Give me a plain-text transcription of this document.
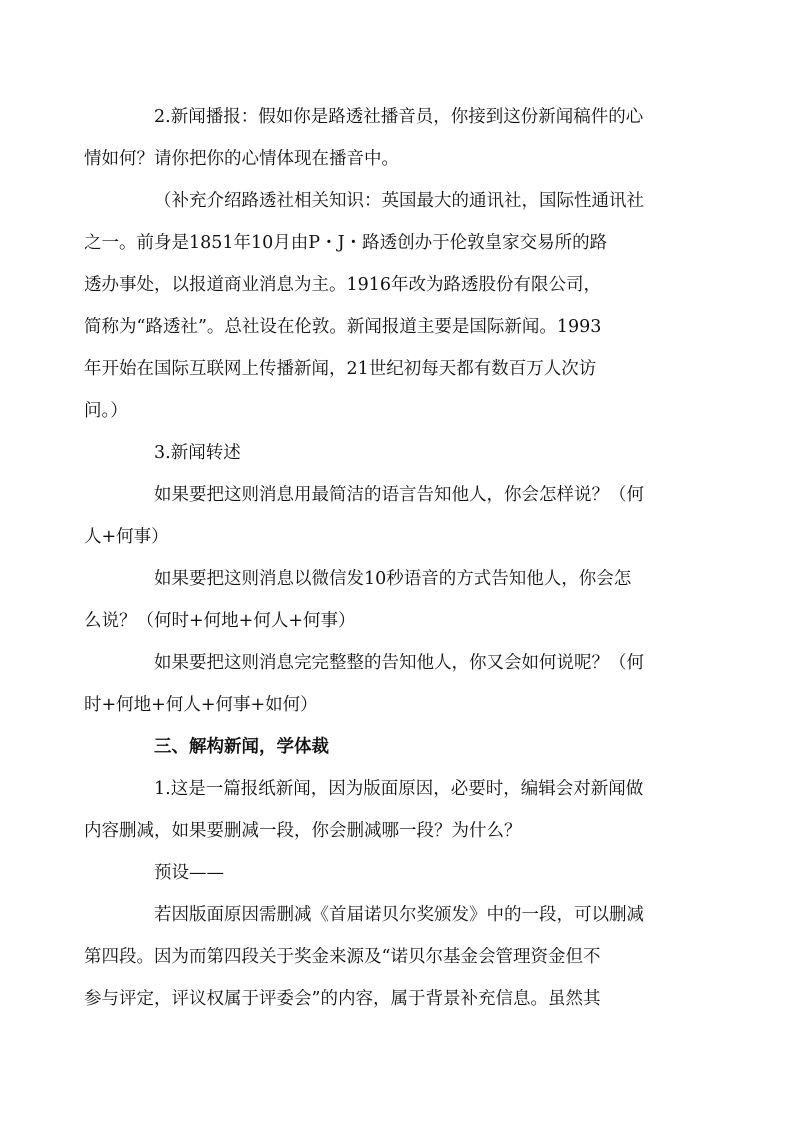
2.新闻播报：假如你是路透社播音员，你接到这份新闻稿件的心
情如何？请你把你的心情体现在播音中。

（补充介绍路透社相关知识：英国最大的通讯社，国际性通讯社
之一。前身是1851年10月由P・J・路透创办于伦敦皇家交易所的路
透办事处，以报道商业消息为主。1916年改为路透股份有限公司，
简称为“路透社”。总社设在伦敦。新闻报道主要是国际新闻。1993
年开始在国际互联网上传播新闻，21世纪初每天都有数百万人次访
问。）

3.新闻转述

如果要把这则消息用最简洁的语言告知他人，你会怎样说？（何
人+何事）

如果要把这则消息以微信发10秒语音的方式告知他人，你会怎
么说？（何时+何地+何人+何事）

如果要把这则消息完完整整的告知他人，你又会如何说呢？（何
时+何地+何人+何事+如何）

三、解构新闻，学体裁

1.这是一篇报纸新闻，因为版面原因，必要时，编辑会对新闻做
内容删减，如果要删减一段，你会删减哪一段？为什么？

预设——

若因版面原因需删减《首届诺贝尔奖颁发》中的一段，可以删减
第四段。因为而第四段关于奖金来源及“诺贝尔基金会管理资金但不
参与评定，评议权属于评委会”的内容，属于背景补充信息。虽然其
